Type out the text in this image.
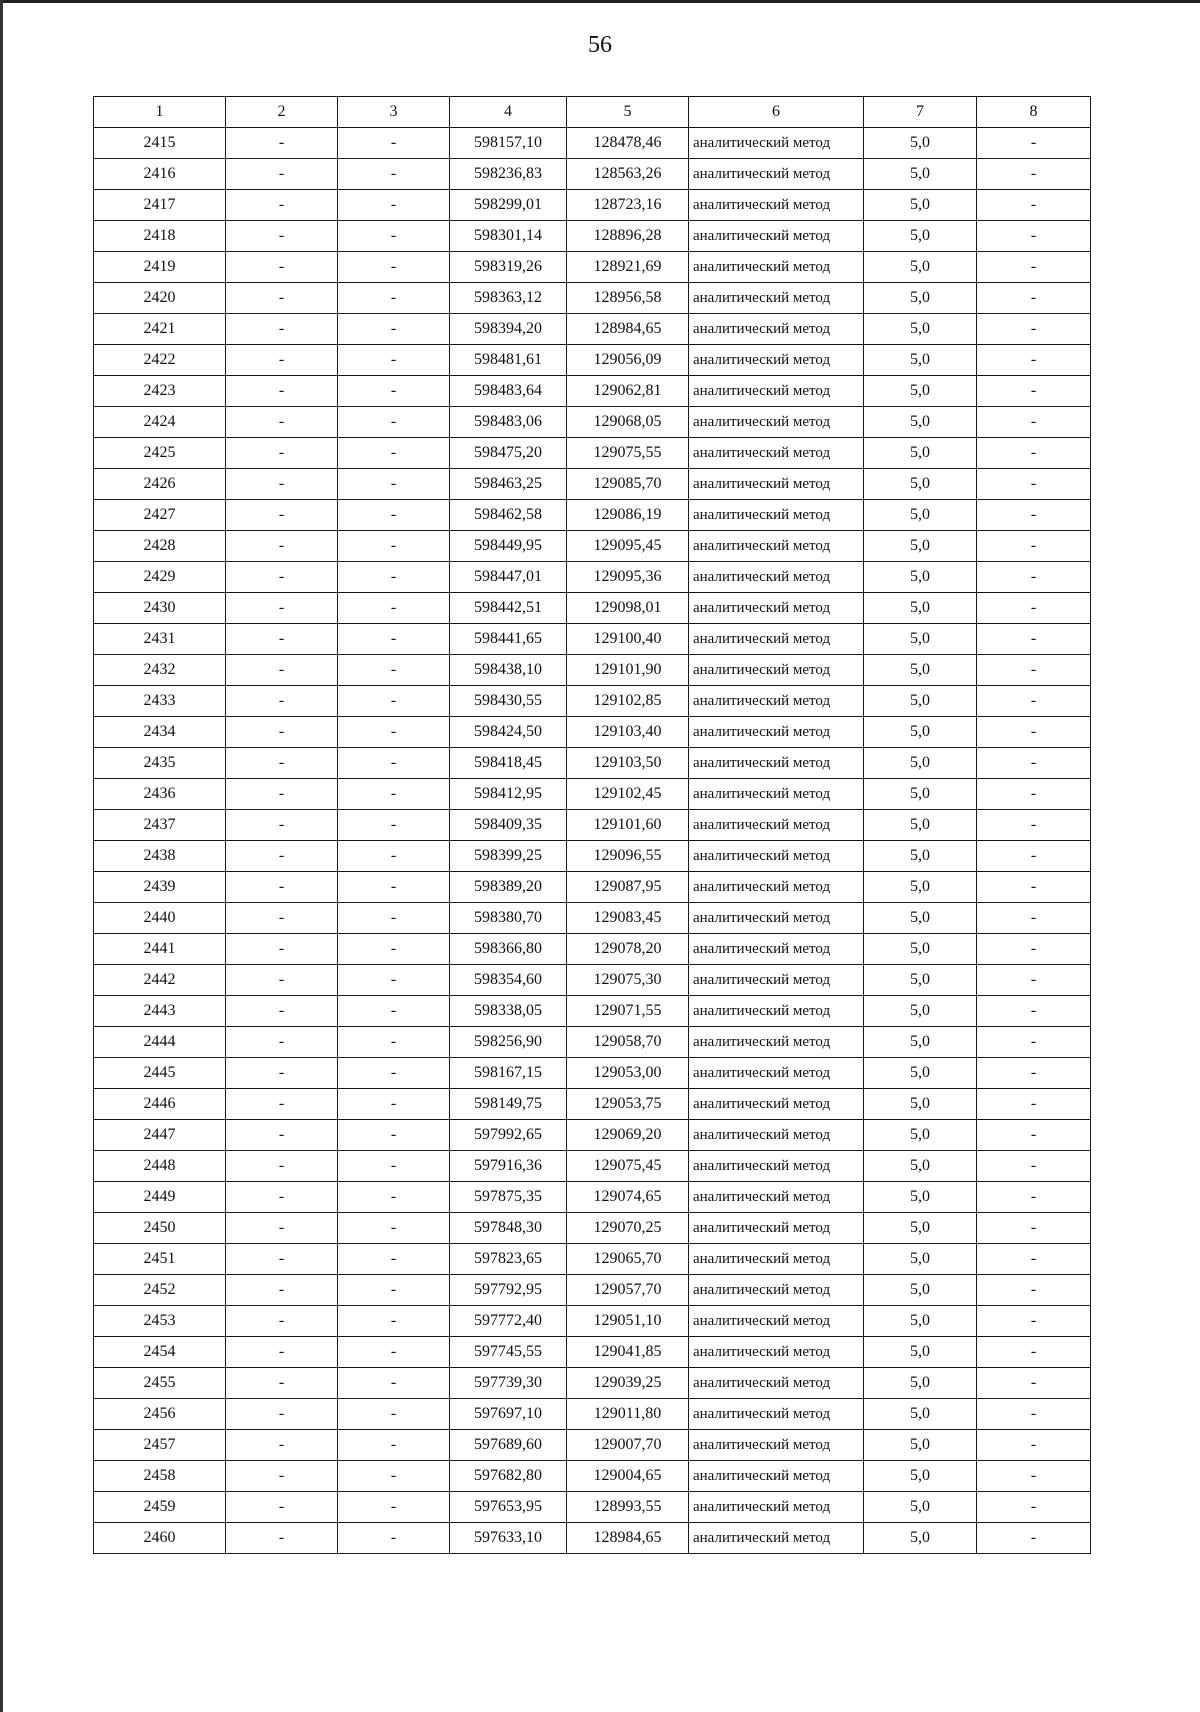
56
1	2	3	4	5	6	7	8
2415	-	-	598157,10	128478,46	аналитический метод	5,0	-
2416	-	-	598236,83	128563,26	аналитический метод	5,0	-
2417	-	-	598299,01	128723,16	аналитический метод	5,0	-
2418	-	-	598301,14	128896,28	аналитический метод	5,0	-
2419	-	-	598319,26	128921,69	аналитический метод	5,0	-
2420	-	-	598363,12	128956,58	аналитический метод	5,0	-
2421	-	-	598394,20	128984,65	аналитический метод	5,0	-
2422	-	-	598481,61	129056,09	аналитический метод	5,0	-
2423	-	-	598483,64	129062,81	аналитический метод	5,0	-
2424	-	-	598483,06	129068,05	аналитический метод	5,0	-
2425	-	-	598475,20	129075,55	аналитический метод	5,0	-
2426	-	-	598463,25	129085,70	аналитический метод	5,0	-
2427	-	-	598462,58	129086,19	аналитический метод	5,0	-
2428	-	-	598449,95	129095,45	аналитический метод	5,0	-
2429	-	-	598447,01	129095,36	аналитический метод	5,0	-
2430	-	-	598442,51	129098,01	аналитический метод	5,0	-
2431	-	-	598441,65	129100,40	аналитический метод	5,0	-
2432	-	-	598438,10	129101,90	аналитический метод	5,0	-
2433	-	-	598430,55	129102,85	аналитический метод	5,0	-
2434	-	-	598424,50	129103,40	аналитический метод	5,0	-
2435	-	-	598418,45	129103,50	аналитический метод	5,0	-
2436	-	-	598412,95	129102,45	аналитический метод	5,0	-
2437	-	-	598409,35	129101,60	аналитический метод	5,0	-
2438	-	-	598399,25	129096,55	аналитический метод	5,0	-
2439	-	-	598389,20	129087,95	аналитический метод	5,0	-
2440	-	-	598380,70	129083,45	аналитический метод	5,0	-
2441	-	-	598366,80	129078,20	аналитический метод	5,0	-
2442	-	-	598354,60	129075,30	аналитический метод	5,0	-
2443	-	-	598338,05	129071,55	аналитический метод	5,0	-
2444	-	-	598256,90	129058,70	аналитический метод	5,0	-
2445	-	-	598167,15	129053,00	аналитический метод	5,0	-
2446	-	-	598149,75	129053,75	аналитический метод	5,0	-
2447	-	-	597992,65	129069,20	аналитический метод	5,0	-
2448	-	-	597916,36	129075,45	аналитический метод	5,0	-
2449	-	-	597875,35	129074,65	аналитический метод	5,0	-
2450	-	-	597848,30	129070,25	аналитический метод	5,0	-
2451	-	-	597823,65	129065,70	аналитический метод	5,0	-
2452	-	-	597792,95	129057,70	аналитический метод	5,0	-
2453	-	-	597772,40	129051,10	аналитический метод	5,0	-
2454	-	-	597745,55	129041,85	аналитический метод	5,0	-
2455	-	-	597739,30	129039,25	аналитический метод	5,0	-
2456	-	-	597697,10	129011,80	аналитический метод	5,0	-
2457	-	-	597689,60	129007,70	аналитический метод	5,0	-
2458	-	-	597682,80	129004,65	аналитический метод	5,0	-
2459	-	-	597653,95	128993,55	аналитический метод	5,0	-
2460	-	-	597633,10	128984,65	аналитический метод	5,0	-
